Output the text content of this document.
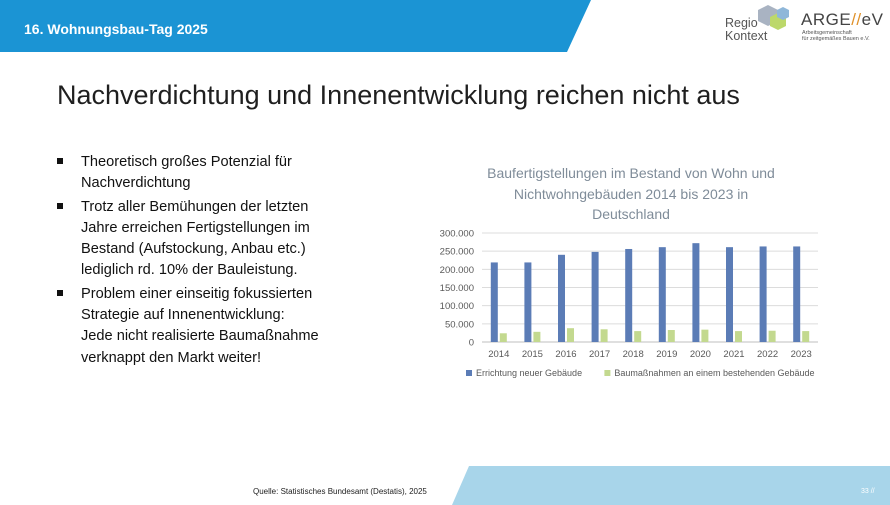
16. Wohnungsbau-Tag 2025	Regio
Kontext
ARGE//eV
Arbeitsgemeinschaft
für zeitgemäßes Bauen e.V.
Nachverdichtung und Innenentwicklung reichen nicht aus
Theoretisch großes Potenzial für
Nachverdichtung
Trotz aller Bemühungen der letzten
Jahre erreichen Fertigstellungen im
Bestand (Aufstockung, Anbau etc.)
lediglich rd. 10% der Bauleistung.
Problem einer einseitig fokussierten
Strategie auf Innenentwicklung:
Jede nicht realisierte Baumaßnahme
verknappt den Markt weiter!
Baufertigstellungen im Bestand von Wohn und
Nichtwohngebäuden 2014 bis 2023 in
Deutschland
0
50.000
100.000
150.000
200.000
250.000
300.000
2014 2015 2016 2017 2018 2019 2020 2021 2022 2023
Errichtung neuer Gebäude	Baumaßnahmen an einem bestehenden Gebäude
Quelle: Statistisches Bundesamt (Destatis), 2025	33 //
